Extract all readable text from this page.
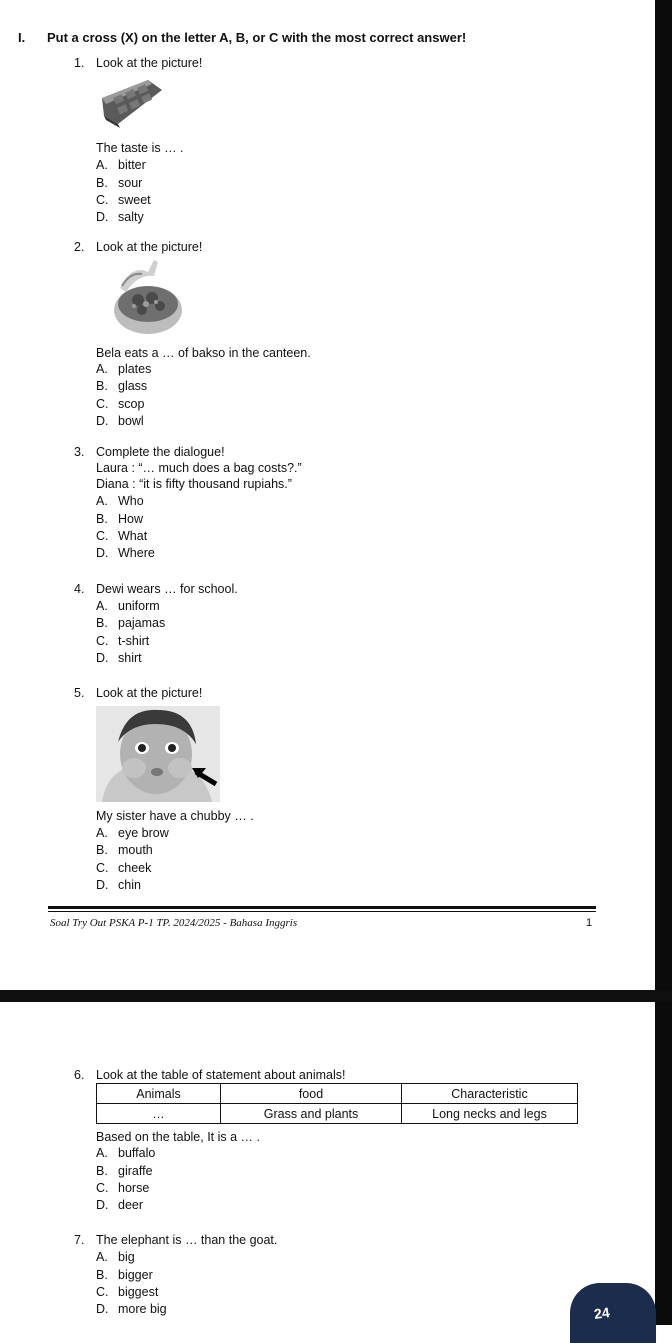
I. Put a cross (X) on the letter A, B, or C with the most correct answer!
1. Look at the picture!
The taste is … .
A. bitter
B. sour
C. sweet
D. salty
2. Look at the picture!
Bela eats a … of bakso in the canteen.
A. plates
B. glass
C. scop
D. bowl
3. Complete the dialogue!
Laura : “… much does a bag costs?.”
Diana : “it is fifty thousand rupiahs.”
A. Who
B. How
C. What
D. Where
4. Dewi wears … for school.
A. uniform
B. pajamas
C. t-shirt
D. shirt
5. Look at the picture!
My sister have a chubby … .
A. eye brow
B. mouth
C. cheek
D. chin
Soal Try Out PSKA P-1 TP. 2024/2025 - Bahasa Inggris	1
6. Look at the table of statement about animals!
Animals	food	Characteristic
…	Grass and plants	Long necks and legs
Based on the table, It is a … .
A. buffalo
B. giraffe
C. horse
D. deer
7. The elephant is … than the goat.
A. big
B. bigger
C. biggest
D. more big	24
